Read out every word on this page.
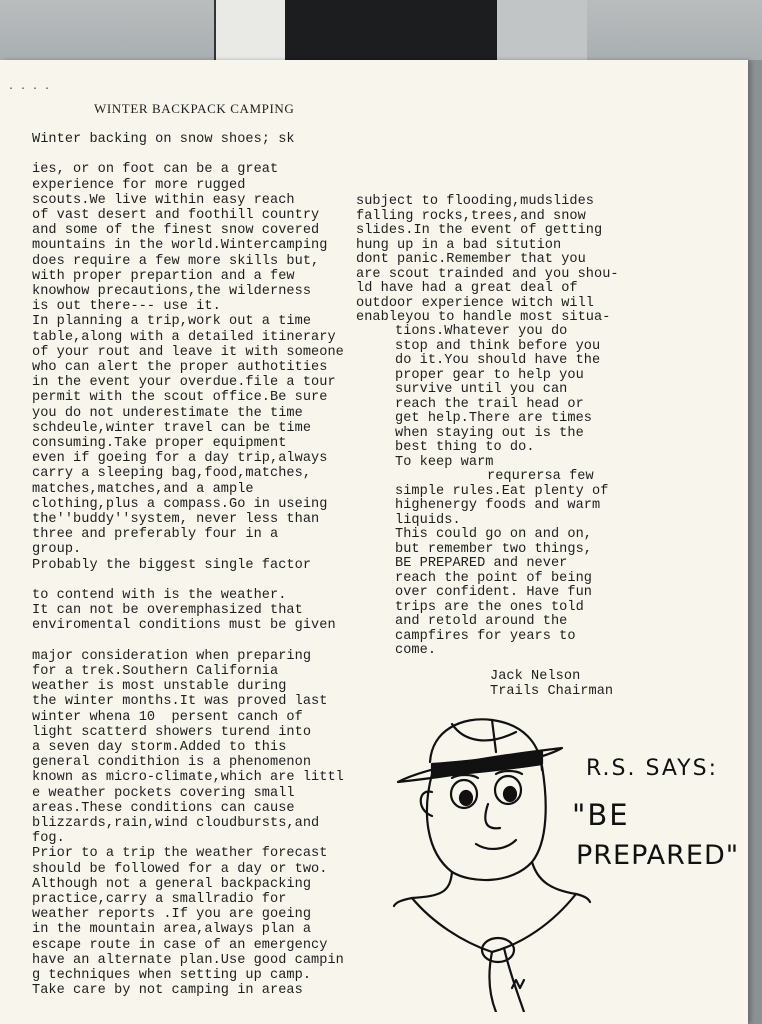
· · · ·
WINTER BACKPACK CAMPING
Winter backing on snow shoes; sk
ies, or on foot can be a great
experience for more rugged
scouts.We live within easy reach
of vast desert and foothill country
and some of the finest snow covered
mountains in the world.Wintercamping
does require a few more skills but,
with proper prepartion and a few
knowhow precautions,the wilderness
is out there--- use it.
In planning a trip,work out a time
table,along with a detailed itinerary
of your rout and leave it with someone
who can alert the proper authotities
in the event your overdue.file a tour
permit with the scout office.Be sure
you do not underestimate the time
schdeule,winter travel can be time
consuming.Take proper equipment
even if goeing for a day trip,always
carry a sleeping bag,food,matches,
matches,matches,and a ample
clothing,plus a compass.Go in useing
the''buddy''system, never less than
three and preferably four in a
group.
Probably the biggest single factor
to contend with is the weather.
It can not be overemphasized that
enviromental conditions must be given
major consideration when preparing
for a trek.Southern California
weather is most unstable during
the winter months.It was proved last
winter whena 10  persent canch of
light scatterd showers turend into
a seven day storm.Added to this
general condithion is a phenomenon
known as micro-climate,which are littl
e weather pockets covering small
areas.These conditions can cause
blizzards,rain,wind cloudbursts,and
fog.
Prior to a trip the weather forecast
should be followed for a day or two.
Although not a general backpacking
practice,carry a smallradio for
weather reports .If you are goeing
in the mountain area,always plan a
escape route in case of an emergency
have an alternate plan.Use good campin
g techniques when setting up camp.
Take care by not camping in areas
subject to flooding,mudslides
falling rocks,trees,and snow
slides.In the event of getting
hung up in a bad sitution
dont panic.Remember that you
are scout trainded and you shou-
ld have had a great deal of
outdoor experience witch will
enableyou to handle most situa-
tions.Whatever you do
stop and think before you
do it.You should have the
proper gear to help you
survive until you can
reach the trail head or
get help.There are times
when staying out is the
best thing to do.
To keep warm
requrersa few
simple rules.Eat plenty of
highenergy foods and warm
liquids.
This could go on and on,
but remember two things,
BE PREPARED and never
reach the point of being
over confident. Have fun
trips are the ones told
and retold around the
campfires for years to
come.
Jack Nelson
Trails Chairman
R.S. SAYS:
"BE
PREPARED"
